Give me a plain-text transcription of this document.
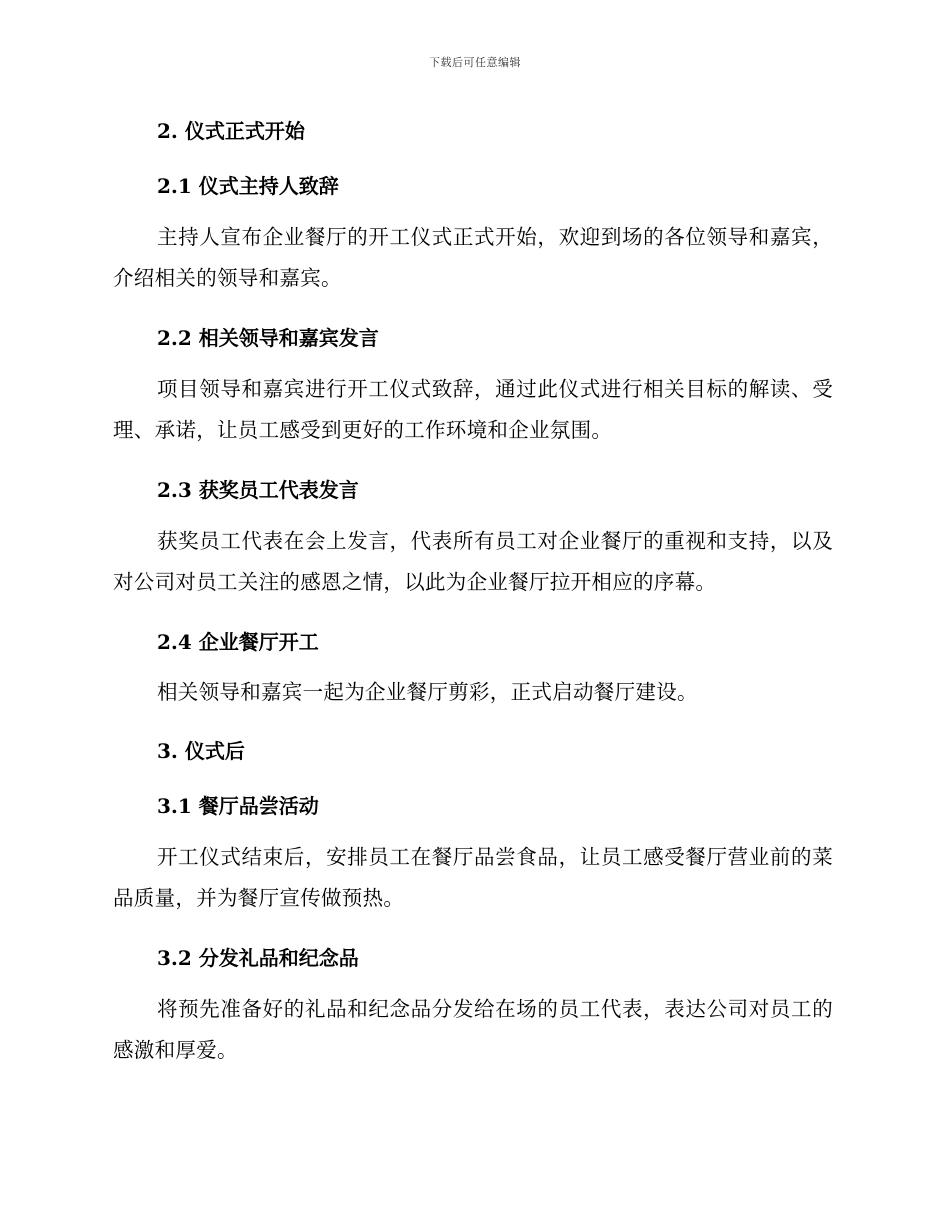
下载后可任意编辑
2. 仪式正式开始
2.1 仪式主持人致辞
主持人宣布企业餐厅的开工仪式正式开始，欢迎到场的各位领导和嘉宾，介绍相关的领导和嘉宾。
2.2 相关领导和嘉宾发言
项目领导和嘉宾进行开工仪式致辞，通过此仪式进行相关目标的解读、受理、承诺，让员工感受到更好的工作环境和企业氛围。
2.3 获奖员工代表发言
获奖员工代表在会上发言，代表所有员工对企业餐厅的重视和支持，以及对公司对员工关注的感恩之情，以此为企业餐厅拉开相应的序幕。
2.4 企业餐厅开工
相关领导和嘉宾一起为企业餐厅剪彩，正式启动餐厅建设。
3. 仪式后
3.1 餐厅品尝活动
开工仪式结束后，安排员工在餐厅品尝食品，让员工感受餐厅营业前的菜品质量，并为餐厅宣传做预热。
3.2 分发礼品和纪念品
将预先准备好的礼品和纪念品分发给在场的员工代表，表达公司对员工的感激和厚爱。
